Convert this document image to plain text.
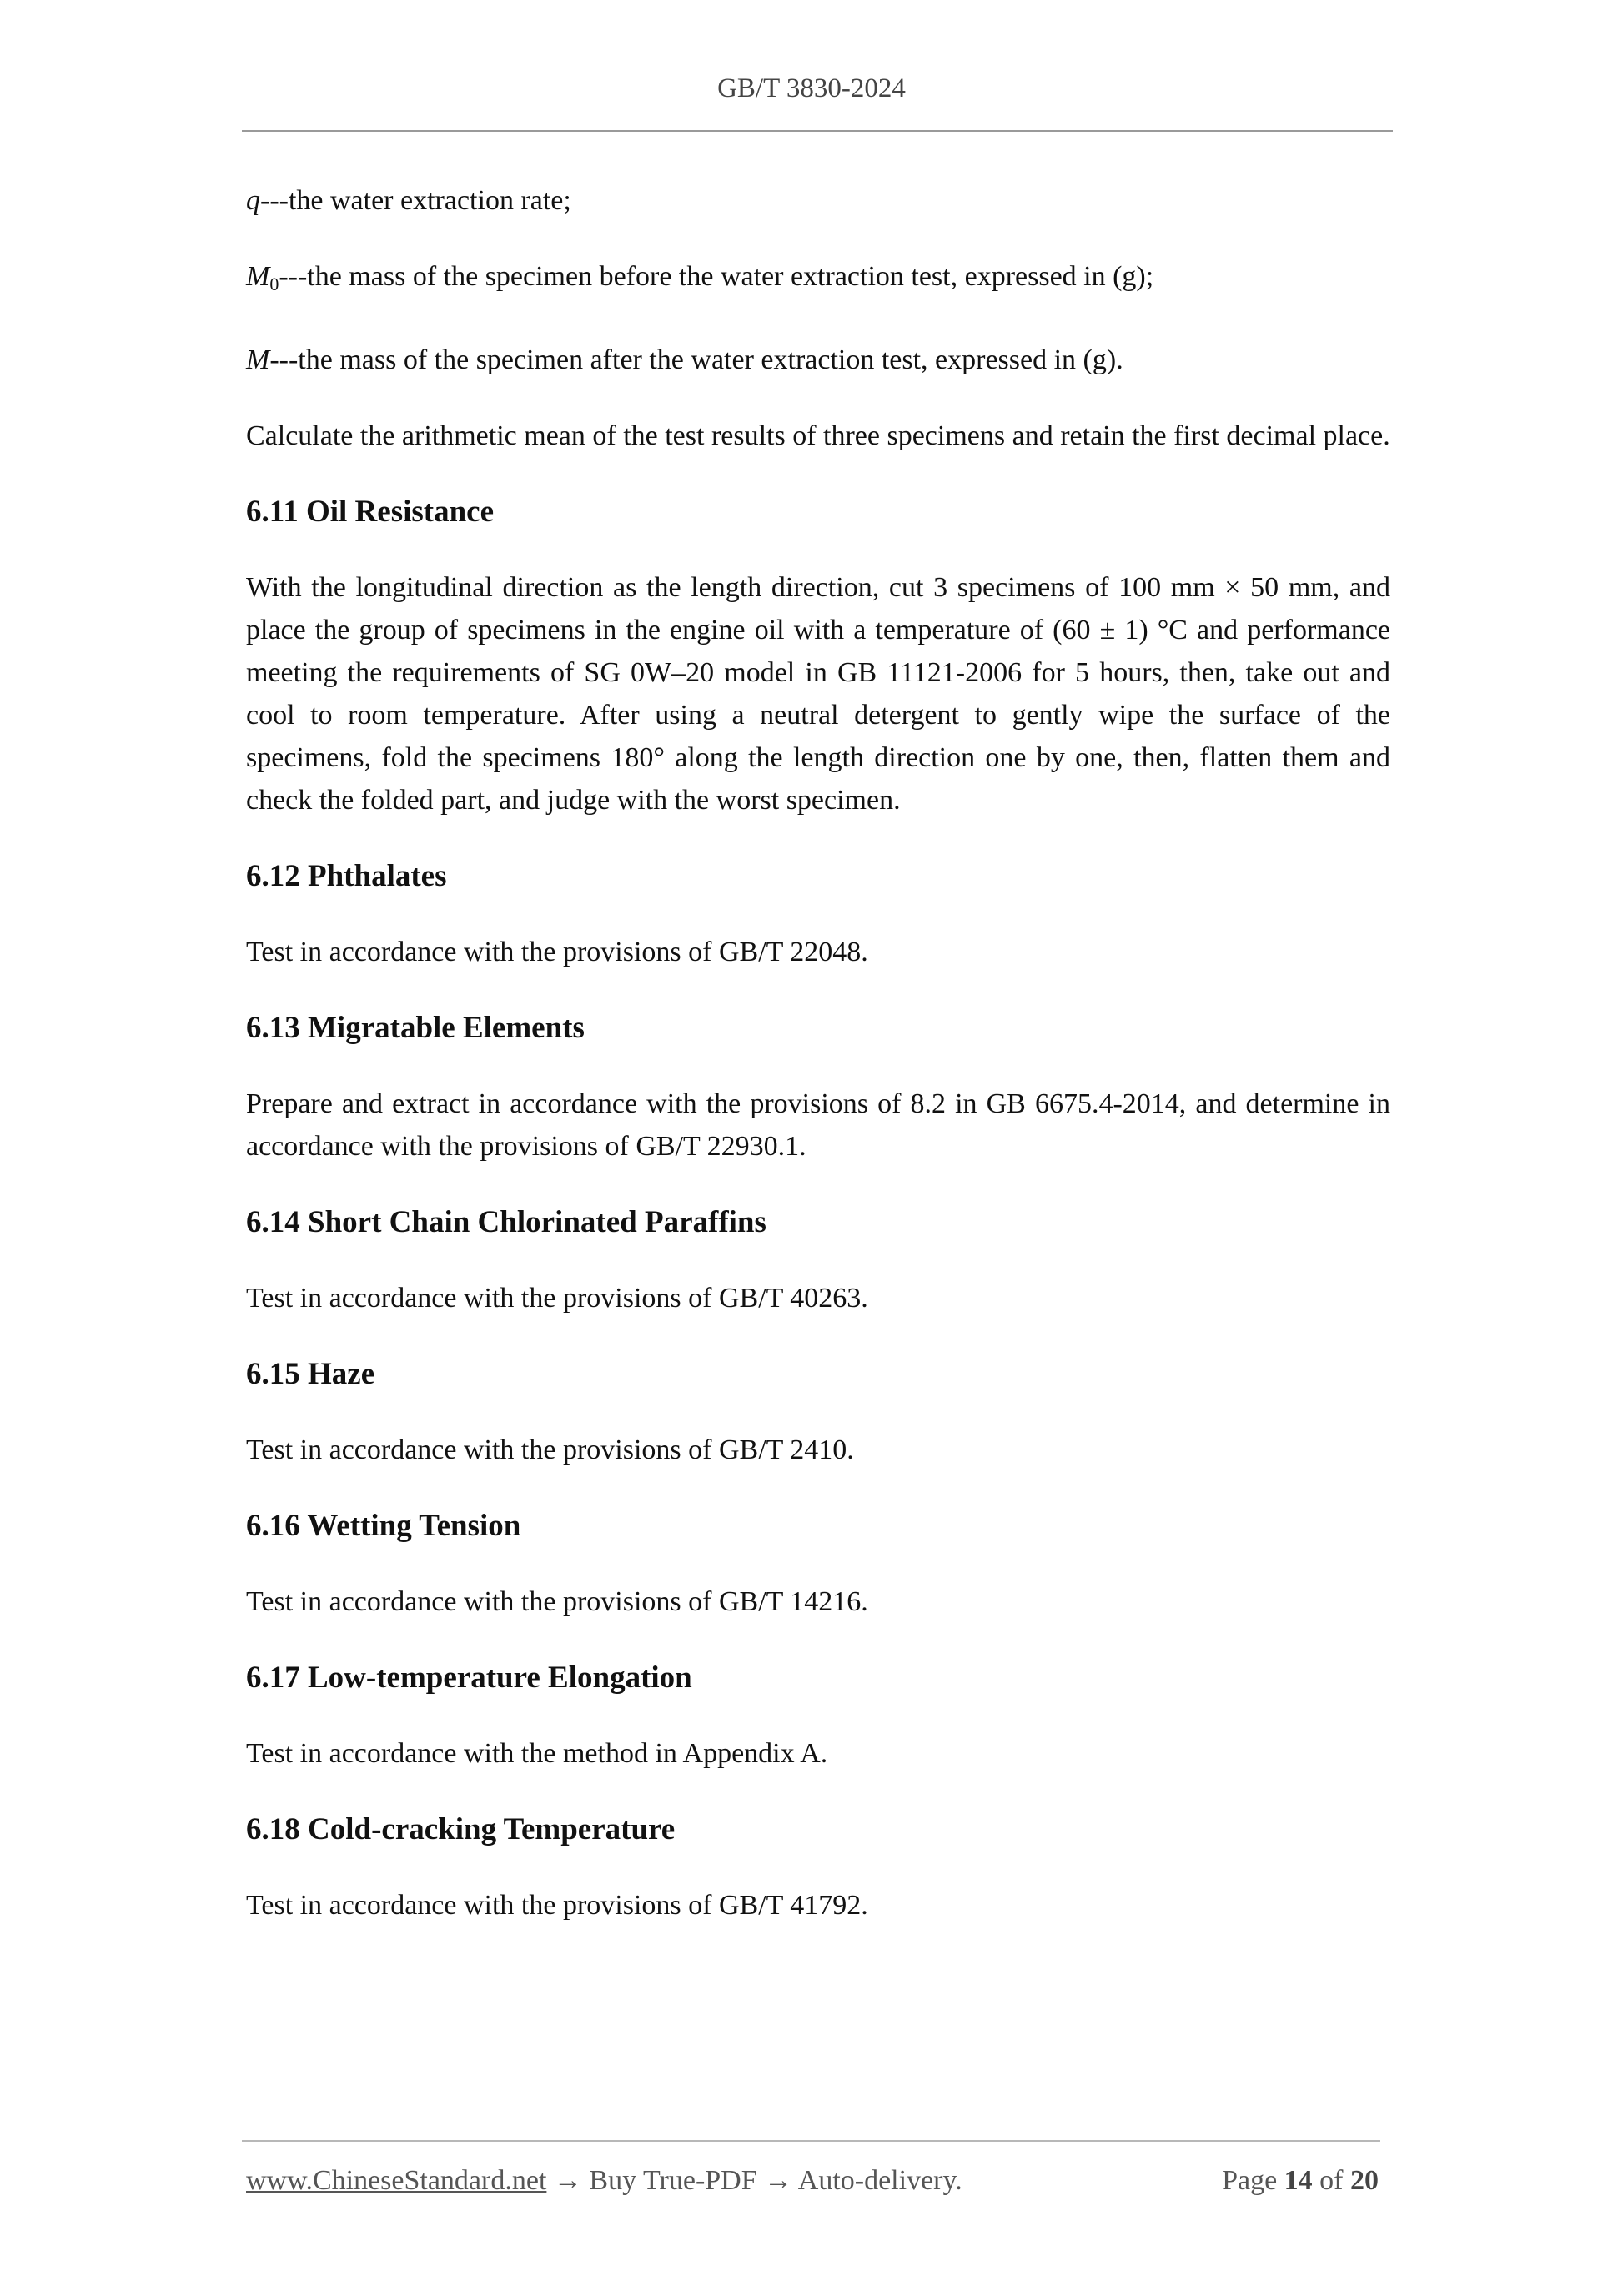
GB/T 3830-2024

q---the water extraction rate;

$M_0--$-the mass of the specimen before the water extraction test, expressed in (g);

M---the mass of the specimen after the water extraction test, expressed in (g).

Calculate the arithmetic mean of the test results of three specimens and retain the first decimal place.

6.11 Oil Resistance

With the longitudinal direction as the length direction, cut 3 specimens of 100 mm × 50 mm, and place the group of specimens in the engine oil with a temperature of (60 ± 1) °C and performance meeting the requirements of SG 0W–20 model in GB 11121-2006 for 5 hours, then, take out and cool to room temperature. After using a neutral detergent to gently wipe the surface of the specimens, fold the specimens 180° along the length direction one by one, then, flatten them and check the folded part, and judge with the worst specimen.

6.12 Phthalates

Test in accordance with the provisions of GB/T 22048.

6.13 Migratable Elements

Prepare and extract in accordance with the provisions of 8.2 in GB 6675.4-2014, and determine in accordance with the provisions of GB/T 22930.1.

6.14 Short Chain Chlorinated Paraffins

Test in accordance with the provisions of GB/T 40263.

6.15 Haze

Test in accordance with the provisions of GB/T 2410.

6.16 Wetting Tension

Test in accordance with the provisions of GB/T 14216.

6.17 Low-temperature Elongation

Test in accordance with the method in Appendix A.

6.18 Cold-cracking Temperature

Test in accordance with the provisions of GB/T 41792.

www.ChineseStandard.net → Buy True-PDF → Auto-delivery.	Page 14 of 20
